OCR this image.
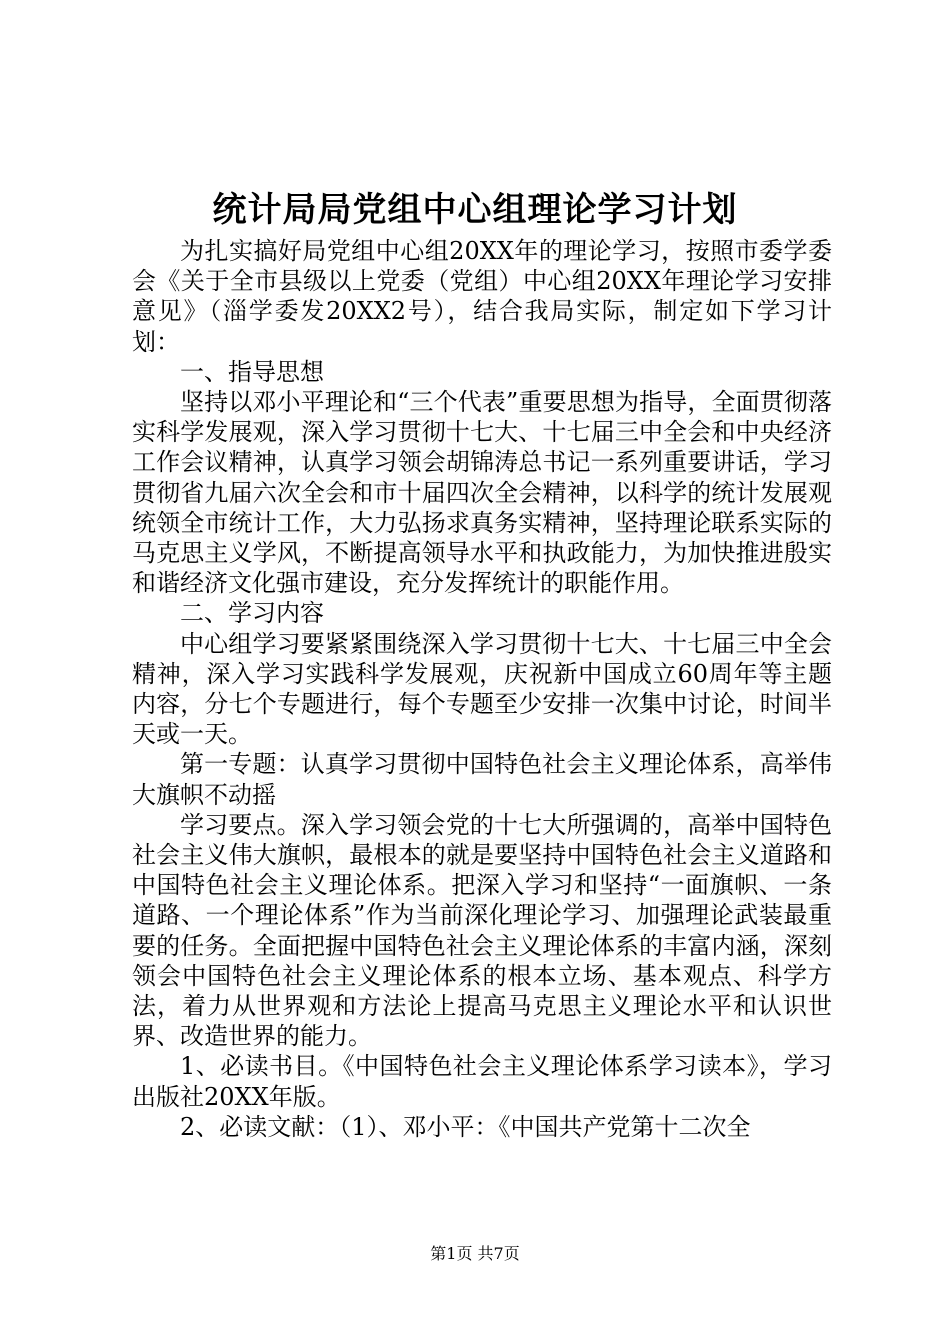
统计局局党组中心组理论学习计划

为扎实搞好局党组中心组20XX年的理论学习，按照市委学委会《关于全市县级以上党委（党组）中心组20XX年理论学习安排意见》（淄学委发20XX2号），结合我局实际，制定如下学习计划：

一、指导思想

坚持以邓小平理论和“三个代表”重要思想为指导，全面贯彻落实科学发展观，深入学习贯彻十七大、十七届三中全会和中央经济工作会议精神，认真学习领会胡锦涛总书记一系列重要讲话，学习贯彻省九届六次全会和市十届四次全会精神，以科学的统计发展观统领全市统计工作，大力弘扬求真务实精神，坚持理论联系实际的马克思主义学风，不断提高领导水平和执政能力，为加快推进殷实和谐经济文化强市建设，充分发挥统计的职能作用。

二、学习内容

中心组学习要紧紧围绕深入学习贯彻十七大、十七届三中全会精神，深入学习实践科学发展观，庆祝新中国成立60周年等主题内容，分七个专题进行，每个专题至少安排一次集中讨论，时间半天或一天。

第一专题：认真学习贯彻中国特色社会主义理论体系，高举伟大旗帜不动摇

学习要点。深入学习领会党的十七大所强调的，高举中国特色社会主义伟大旗帜，最根本的就是要坚持中国特色社会主义道路和中国特色社会主义理论体系。把深入学习和坚持“一面旗帜、一条道路、一个理论体系”作为当前深化理论学习、加强理论武装最重要的任务。全面把握中国特色社会主义理论体系的丰富内涵，深刻领会中国特色社会主义理论体系的根本立场、基本观点、科学方法，着力从世界观和方法论上提高马克思主义理论水平和认识世界、改造世界的能力。

1、必读书目。《中国特色社会主义理论体系学习读本》，学习出版社20XX年版。

2、必读文献：（1）、邓小平：《中国共产党第十二次全

第1页 共7页
